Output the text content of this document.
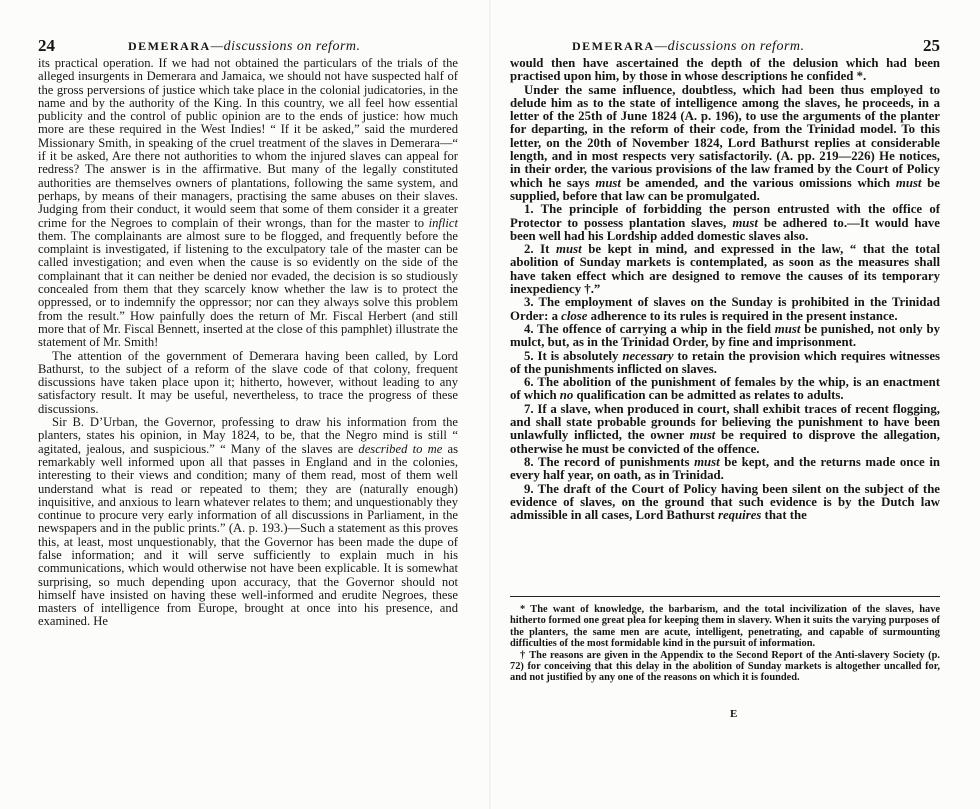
24	DEMERARA—discussions on reform.

its practical operation. If we had not obtained the particulars of the trials of the alleged insurgents in Demerara and Jamaica, we should not have suspected half of the gross perversions of justice which take place in the colonial judicatories, in the name and by the authority of the King. In this country, we all feel how essential publicity and the control of public opinion are to the ends of justice: how much more are these required in the West Indies! “ If it be asked,” said the murdered Missionary Smith, in speaking of the cruel treatment of the slaves in Demerara—“ if it be asked, Are there not authorities to whom the injured slaves can appeal for redress? The answer is in the affirmative. But many of the legally constituted authorities are themselves owners of plantations, following the same system, and perhaps, by means of their managers, practising the same abuses on their slaves. Judging from their conduct, it would seem that some of them consider it a greater crime for the Negroes to complain of their wrongs, than for the master to inflict them. The complainants are almost sure to be flogged, and frequently before the complaint is investigated, if listening to the exculpatory tale of the master can be called investigation; and even when the cause is so evidently on the side of the complainant that it can neither be denied nor evaded, the decision is so studiously concealed from them that they scarcely know whether the law is to protect the oppressed, or to indemnify the oppressor; nor can they always solve this problem from the result.” How painfully does the return of Mr. Fiscal Herbert (and still more that of Mr. Fiscal Bennett, inserted at the close of this pamphlet) illustrate the statement of Mr. Smith!

The attention of the government of Demerara having been called, by Lord Bathurst, to the subject of a reform of the slave code of that colony, frequent discussions have taken place upon it; hitherto, however, without leading to any satisfactory result. It may be useful, nevertheless, to trace the progress of these discussions.

Sir B. D’Urban, the Governor, professing to draw his information from the planters, states his opinion, in May 1824, to be, that the Negro mind is still “ agitated, jealous, and suspicious.” “ Many of the slaves are described to me as remarkably well informed upon all that passes in England and in the colonies, interesting to their views and condition; many of them read, most of them well understand what is read or repeated to them; they are (naturally enough) inquisitive, and anxious to learn whatever relates to them; and unquestionably they continue to procure very early information of all discussions in Parliament, in the newspapers and in the public prints.” (A. p. 193.)—Such a statement as this proves this, at least, most unquestionably, that the Governor has been made the dupe of false information; and it will serve sufficiently to explain much in his communications, which would otherwise not have been explicable. It is somewhat surprising, so much depending upon accuracy, that the Governor should not himself have insisted on having these well-informed and erudite Negroes, these masters of intelligence from Europe, brought at once into his presence, and examined. He

DEMERARA—discussions on reform.	25

would then have ascertained the depth of the delusion which had been practised upon him, by those in whose descriptions he confided *.

Under the same influence, doubtless, which had been thus employed to delude him as to the state of intelligence among the slaves, he proceeds, in a letter of the 25th of June 1824 (A. p. 196), to use the arguments of the planter for departing, in the reform of their code, from the Trinidad model. To this letter, on the 20th of November 1824, Lord Bathurst replies at considerable length, and in most respects very satisfactorily. (A. pp. 219—226) He notices, in their order, the various provisions of the law framed by the Court of Policy which he says must be amended, and the various omissions which must be supplied, before that law can be promulgated.

1. The principle of forbidding the person entrusted with the office of Protector to possess plantation slaves, must be adhered to.—It would have been well had his Lordship added domestic slaves also.

2. It must be kept in mind, and expressed in the law, “ that the total abolition of Sunday markets is contemplated, as soon as the measures shall have taken effect which are designed to remove the causes of its temporary inexpediency †.”

3. The employment of slaves on the Sunday is prohibited in the Trinidad Order: a close adherence to its rules is required in the present instance.

4. The offence of carrying a whip in the field must be punished, not only by mulct, but, as in the Trinidad Order, by fine and imprisonment.

5. It is absolutely necessary to retain the provision which requires witnesses of the punishments inflicted on slaves.

6. The abolition of the punishment of females by the whip, is an enactment of which no qualification can be admitted as relates to adults.

7. If a slave, when produced in court, shall exhibit traces of recent flogging, and shall state probable grounds for believing the punishment to have been unlawfully inflicted, the owner must be required to disprove the allegation, otherwise he must be convicted of the offence.

8. The record of punishments must be kept, and the returns made once in every half year, on oath, as in Trinidad.

9. The draft of the Court of Policy having been silent on the subject of the evidence of slaves, on the ground that such evidence is by the Dutch law admissible in all cases, Lord Bathurst requires that the

* The want of knowledge, the barbarism, and the total incivilization of the slaves, have hitherto formed one great plea for keeping them in slavery. When it suits the varying purposes of the planters, the same men are acute, intelligent, penetrating, and capable of surmounting difficulties of the most formidable kind in the pursuit of information.

† The reasons are given in the Appendix to the Second Report of the Anti-slavery Society (p. 72) for conceiving that this delay in the abolition of Sunday markets is altogether uncalled for, and not justified by any one of the reasons on which it is founded.

E
